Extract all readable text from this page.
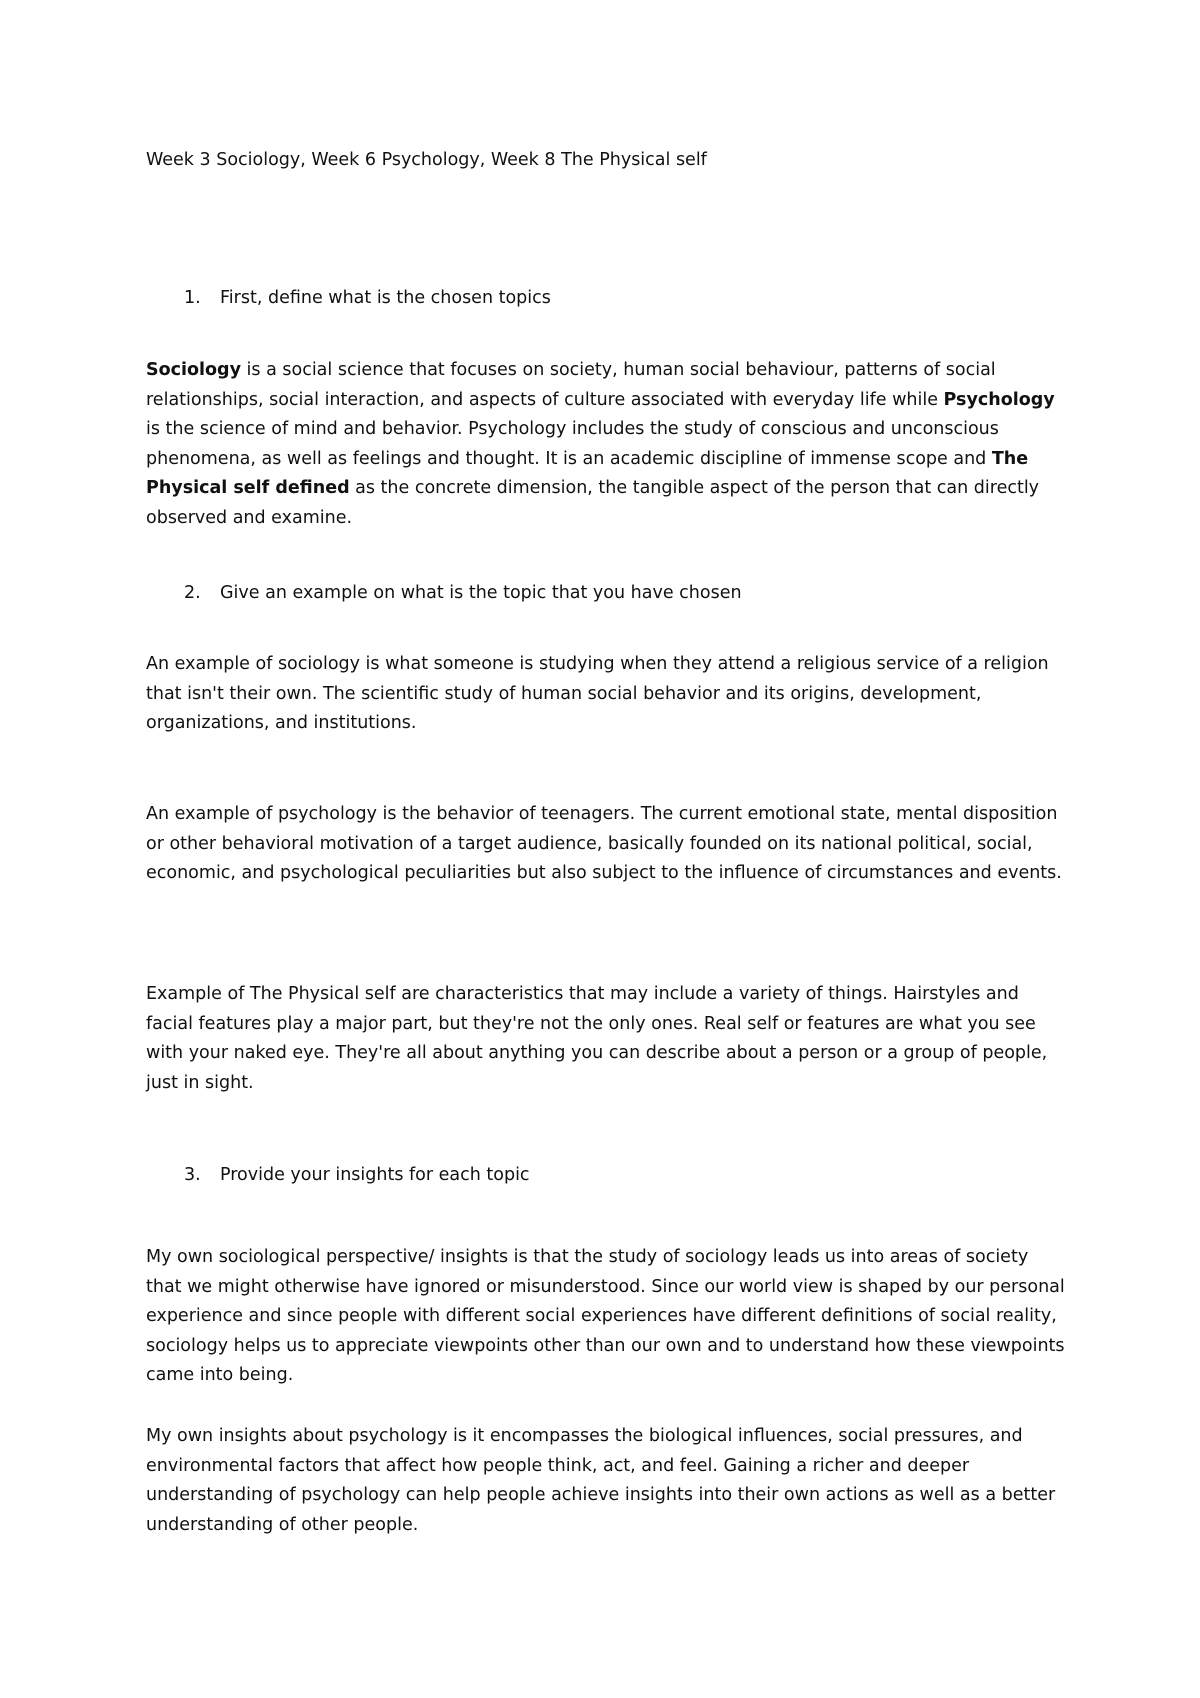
Week 3 Sociology, Week 6 Psychology, Week 8 The Physical self

1.	First, define what is the chosen topics

Sociology is a social science that focuses on society, human social behaviour, patterns of social relationships, social interaction, and aspects of culture associated with everyday life while Psychology is the science of mind and behavior. Psychology includes the study of conscious and unconscious phenomena, as well as feelings and thought. It is an academic discipline of immense scope and The Physical self defined as the concrete dimension, the tangible aspect of the person that can directly observed and examine.

2.	Give an example on what is the topic that you have chosen

An example of sociology is what someone is studying when they attend a religious service of a religion that isn't their own. The scientific study of human social behavior and its origins, development, organizations, and institutions.

An example of psychology is the behavior of teenagers. The current emotional state, mental disposition or other behavioral motivation of a target audience, basically founded on its national political, social, economic, and psychological peculiarities but also subject to the influence of circumstances and events.

Example of The Physical self are characteristics that may include a variety of things. Hairstyles and facial features play a major part, but they're not the only ones. Real self or features are what you see with your naked eye. They're all about anything you can describe about a person or a group of people, just in sight.

3.	Provide your insights for each topic

My own sociological perspective/ insights is that the study of sociology leads us into areas of society that we might otherwise have ignored or misunderstood. Since our world view is shaped by our personal experience and since people with different social experiences have different definitions of social reality, sociology helps us to appreciate viewpoints other than our own and to understand how these viewpoints came into being.

My own insights about psychology is it encompasses the biological influences, social pressures, and environmental factors that affect how people think, act, and feel. Gaining a richer and deeper understanding of psychology can help people achieve insights into their own actions as well as a better understanding of other people.
